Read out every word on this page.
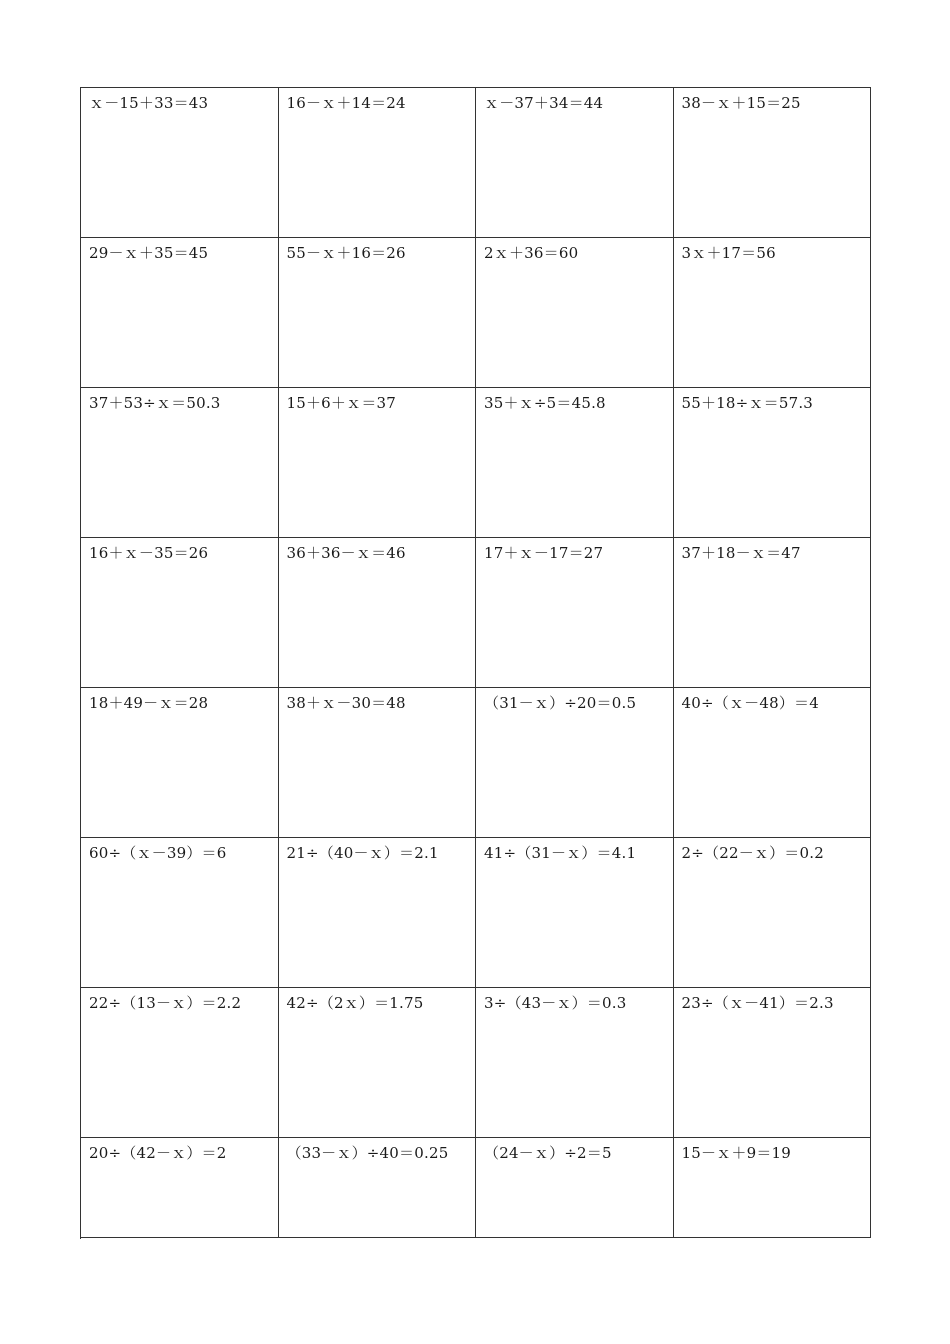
ｘ－15＋33＝43	16－ｘ＋14＝24	ｘ－37＋34＝44	38－ｘ＋15＝25
29－ｘ＋35＝45	55－ｘ＋16＝26	2ｘ＋36＝60	3ｘ＋17＝56
37＋53÷ｘ＝50.3	15＋6＋ｘ＝37	35＋ｘ÷5＝45.8	55＋18÷ｘ＝57.3
16＋ｘ－35＝26	36＋36－ｘ＝46	17＋ｘ－17＝27	37＋18－ｘ＝47
18＋49－ｘ＝28	38＋ｘ－30＝48	（31－ｘ）÷20＝0.5	40÷（ｘ－48）＝4
60÷（ｘ－39）＝6	21÷（40－ｘ）＝2.1	41÷（31－ｘ）＝4.1	2÷（22－ｘ）＝0.2
22÷（13－ｘ）＝2.2	42÷（2ｘ）＝1.75	3÷（43－ｘ）＝0.3	23÷（ｘ－41）＝2.3
20÷（42－ｘ）＝2	（33－ｘ）÷40＝0.25	（24－ｘ）÷2＝5	15－ｘ＋9＝19
